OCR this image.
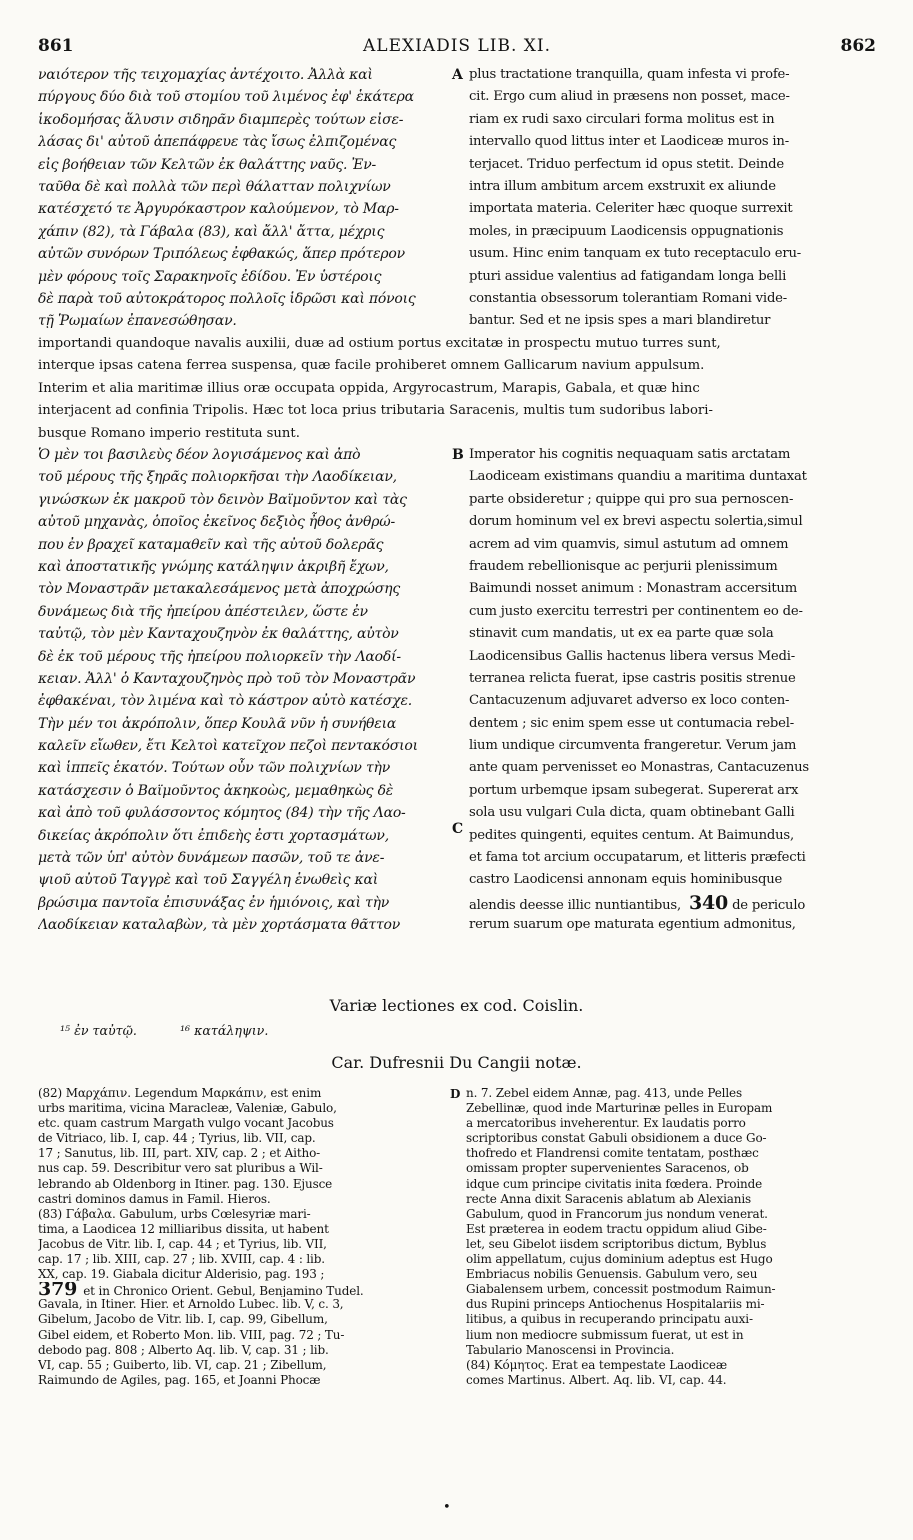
861	ALEXIADIS LIB. XI.	862
ναιότερον τῆς τειχομαχίας ἀντέχοιτο. Ἀλλὰ καὶ
πύργους δύο διὰ τοῦ στομίου τοῦ λιμένος ἐφ' ἑκάτερα
ἱκοδομήσας ἅλυσιν σιδηρᾶν διαμπερὲς τούτων εἰσε-
λάσας δι' αὐτοῦ ἀπεπάφρευε τὰς ἴσως ἐλπιζομένας
εἰς βοήθειαν τῶν Κελτῶν ἐκ θαλάττης ναῦς. Ἐν-
ταῦθα δὲ καὶ πολλὰ τῶν περὶ θάλατταν πολιχνίων
κατέσχετό τε Ἀργυρόκαστρον καλούμενον, τὸ Μαρ-
χάπιν (82), τὰ Γάβαλα (83), καὶ ἄλλ' ἄττα, μέχρις
αὐτῶν συνόρων Τριπόλεως ἐφθακώς, ἅπερ πρότερον
μὲν φόρους τοῖς Σαρακηνοῖς ἐδίδου. Ἐν ὑστέροις
δὲ παρὰ τοῦ αὐτοκράτορος πολλοῖς ἱδρῶσι καὶ πόνοις
τῇ Ῥωμαίων ἐπανεσώθησαν.
A plus tractatione tranquilla, quam infesta vi profe-
cit. Ergo cum aliud in præsens non posset, mace-
riam ex rudi saxo circulari forma molitus est in
intervallo quod littus inter et Laodiceæ muros in-
terjacet. Triduo perfectum id opus stetit. Deinde
intra illum ambitum arcem exstruxit ex aliunde
importata materia. Celeriter hæc quoque surrexit
moles, in præcipuum Laodicensis oppugnationis
usum. Hinc enim tanquam ex tuto receptaculo eru-
pturi assidue valentius ad fatigandam longa belli
constantia obsessorum tolerantiam Romani vide-
bantur. Sed et ne ipsis spes a mari blandiretur
importandi quandoque navalis auxilii, duæ ad ostium portus excitatæ in prospectu mutuo turres sunt,
interque ipsas catena ferrea suspensa, quæ facile prohiberet omnem Gallicarum navium appulsum.
Interim et alia maritimæ illius oræ occupata oppida, Argyrocastrum, Marapis, Gabala, et quæ hinc
interjacent ad confinia Tripolis. Hæc tot loca prius tributaria Saracenis, multis tum sudoribus labori-
busque Romano imperio restituta sunt.
Ὁ μὲν τοι βασιλεὺς δέον λογισάμενος καὶ ἀπὸ
τοῦ μέρους τῆς ξηρᾶς πολιορκῆσαι τὴν Λαοδίκειαν,
γινώσκων ἐκ μακροῦ τὸν δεινὸν Βαϊμοῦντον καὶ τὰς
αὐτοῦ μηχανὰς, ὁποῖος ἐκεῖνος δεξιὸς ἦθος ἀνθρώ-
που ἐν βραχεῖ καταμαθεῖν καὶ τῆς αὐτοῦ δολερᾶς
καὶ ἀποστατικῆς γνώμης κατάληψιν ἀκριβῆ ἔχων,
τὸν Μοναστρᾶν μετακαλεσάμενος μετὰ ἀποχρώσης
δυνάμεως διὰ τῆς ἠπείρου ἀπέστειλεν, ὥστε ἐν
ταὐτῷ, τὸν μὲν Κανταχουζηνὸν ἐκ θαλάττης, αὐτὸν
δὲ ἐκ τοῦ μέρους τῆς ἠπείρου πολιορκεῖν τὴν Λαοδί-
κειαν. Ἀλλ' ὁ Κανταχουζηνὸς πρὸ τοῦ τὸν Μοναστρᾶν
ἐφθακέναι, τὸν λιμένα καὶ τὸ κάστρον αὐτὸ κατέσχε.
Τὴν μέν τοι ἀκρόπολιν, ὅπερ Κουλᾶ νῦν ἡ συνήθεια
καλεῖν εἴωθεν, ἔτι Κελτοὶ κατεῖχον πεζοὶ πεντακόσιοι
καὶ ἱππεῖς ἑκατόν. Τούτων οὖν τῶν πολιχνίων τὴν
κατάσχεσιν ὁ Βαϊμοῦντος ἀκηκοὼς, μεμαθηκὼς δὲ
καὶ ἀπὸ τοῦ φυλάσσοντος κόμητος (84) τὴν τῆς Λαο-
δικείας ἀκρόπολιν ὅτι ἐπιδεὴς ἐστι χορτασμάτων,
μετὰ τῶν ὑπ' αὐτὸν δυνάμεων πασῶν, τοῦ τε ἀνε-
ψιοῦ αὐτοῦ Ταγγρὲ καὶ τοῦ Σαγγέλη ἑνωθεὶς καὶ
βρώσιμα παντοῖα ἐπισυνάξας ἐν ἡμιόνοις, καὶ τὴν
Λαοδίκειαν καταλαβὼν, τὰ μὲν χορτάσματα θᾶττον
B
C
Imperator his cognitis nequaquam satis arctatam
Laodiceam existimans quandiu a maritima duntaxat
parte obsideretur ; quippe qui pro sua pernoscen-
dorum hominum vel ex brevi aspectu solertia,simul
acrem ad vim quamvis, simul astutum ad omnem
fraudem rebellionisque ac perjurii plenissimum
Baimundi nosset animum : Monastram accersitum
cum justo exercitu terrestri per continentem eo de-
stinavit cum mandatis, ut ex ea parte quæ sola
Laodicensibus Gallis hactenus libera versus Medi-
terranea relicta fuerat, ipse castris positis strenue
Cantacuzenum adjuvaret adverso ex loco conten-
dentem ; sic enim spem esse ut contumacia rebel-
lium undique circumventa frangeretur. Verum jam
ante quam pervenisset eo Monastras, Cantacuzenus
portum urbemque ipsam subegerat. Supererat arx
sola usu vulgari Cula dicta, quam obtinebant Galli
pedites quingenti, equites centum. At Baimundus,
et fama tot arcium occupatarum, et litteris præfecti
castro Laodicensi annonam equis hominibusque
alendis deesse illic nuntiantibus, 340 de periculo
rerum suarum ope maturata egentium admonitus,
Variæ lectiones ex cod. Coislin.
¹⁵ ἐν ταὐτῷ.	¹⁶ κατάληψιν.
Car. Dufresnii Du Cangii notæ.
(82) Μαρχάπιν. Legendum Μαρκάπιν, est enim
urbs maritima, vicina Maracleæ, Valeniæ, Gabulo,
etc. quam castrum Margath vulgo vocant Jacobus
de Vitriaco, lib. I, cap. 44 ; Tyrius, lib. VII, cap.
17 ; Sanutus, lib. III, part. XIV, cap. 2 ; et Aitho-
nus cap. 59. Describitur vero sat pluribus a Wil-
lebrando ab Oldenborg in Itiner. pag. 130. Ejusce
castri dominos damus in Famil. Hieros.
(83) Γάβαλα. Gabulum, urbs Cœlesyriæ mari-
tima, a Laodicea 12 milliaribus dissita, ut habent
Jacobus de Vitr. lib. I, cap. 44 ; et Tyrius, lib. VII,
cap. 17 ; lib. XIII, cap. 27 ; lib. XVIII, cap. 4 : lib.
XX, cap. 19. Giabala dicitur Alderisio, pag. 193 ;
379 et in Chronico Orient. Gebul, Benjamino Tudel.
Gavala, in Itiner. Hier. et Arnoldo Lubec. lib. V, c. 3,
Gibelum, Jacobo de Vitr. lib. I, cap. 99, Gibellum,
Gibel eidem, et Roberto Mon. lib. VIII, pag. 72 ; Tu-
debodo pag. 808 ; Alberto Aq. lib. V, cap. 31 ; lib.
VI, cap. 55 ; Guiberto, lib. VI, cap. 21 ; Zibellum,
Raimundo de Agiles, pag. 165, et Joanni Phocæ
D n. 7. Zebel eidem Annæ, pag. 413, unde Pelles
Zebellinæ, quod inde Marturinæ pelles in Europam
a mercatoribus inveherentur. Ex laudatis porro
scriptoribus constat Gabuli obsidionem a duce Go-
thofredo et Flandrensi comite tentatam, posthæc
omissam propter supervenientes Saracenos, ob
idque cum principe civitatis inita fœdera. Proinde
recte Anna dixit Saracenis ablatum ab Alexianis
Gabulum, quod in Francorum jus nondum venerat.
Est præterea in eodem tractu oppidum aliud Gibe-
let, seu Gibelot iisdem scriptoribus dictum, Byblus
olim appellatum, cujus dominium adeptus est Hugo
Embriacus nobilis Genuensis. Gabulum vero, seu
Giabalensem urbem, concessit postmodum Raimun-
dus Rupini princeps Antiochenus Hospitalariis mi-
litibus, a quibus in recuperando principatu auxi-
lium non mediocre submissum fuerat, ut est in
Tabulario Manoscensi in Provincia.
(84) Κόμητος. Erat ea tempestate Laodiceæ
comes Martinus. Albert. Aq. lib. VI, cap. 44.
•
